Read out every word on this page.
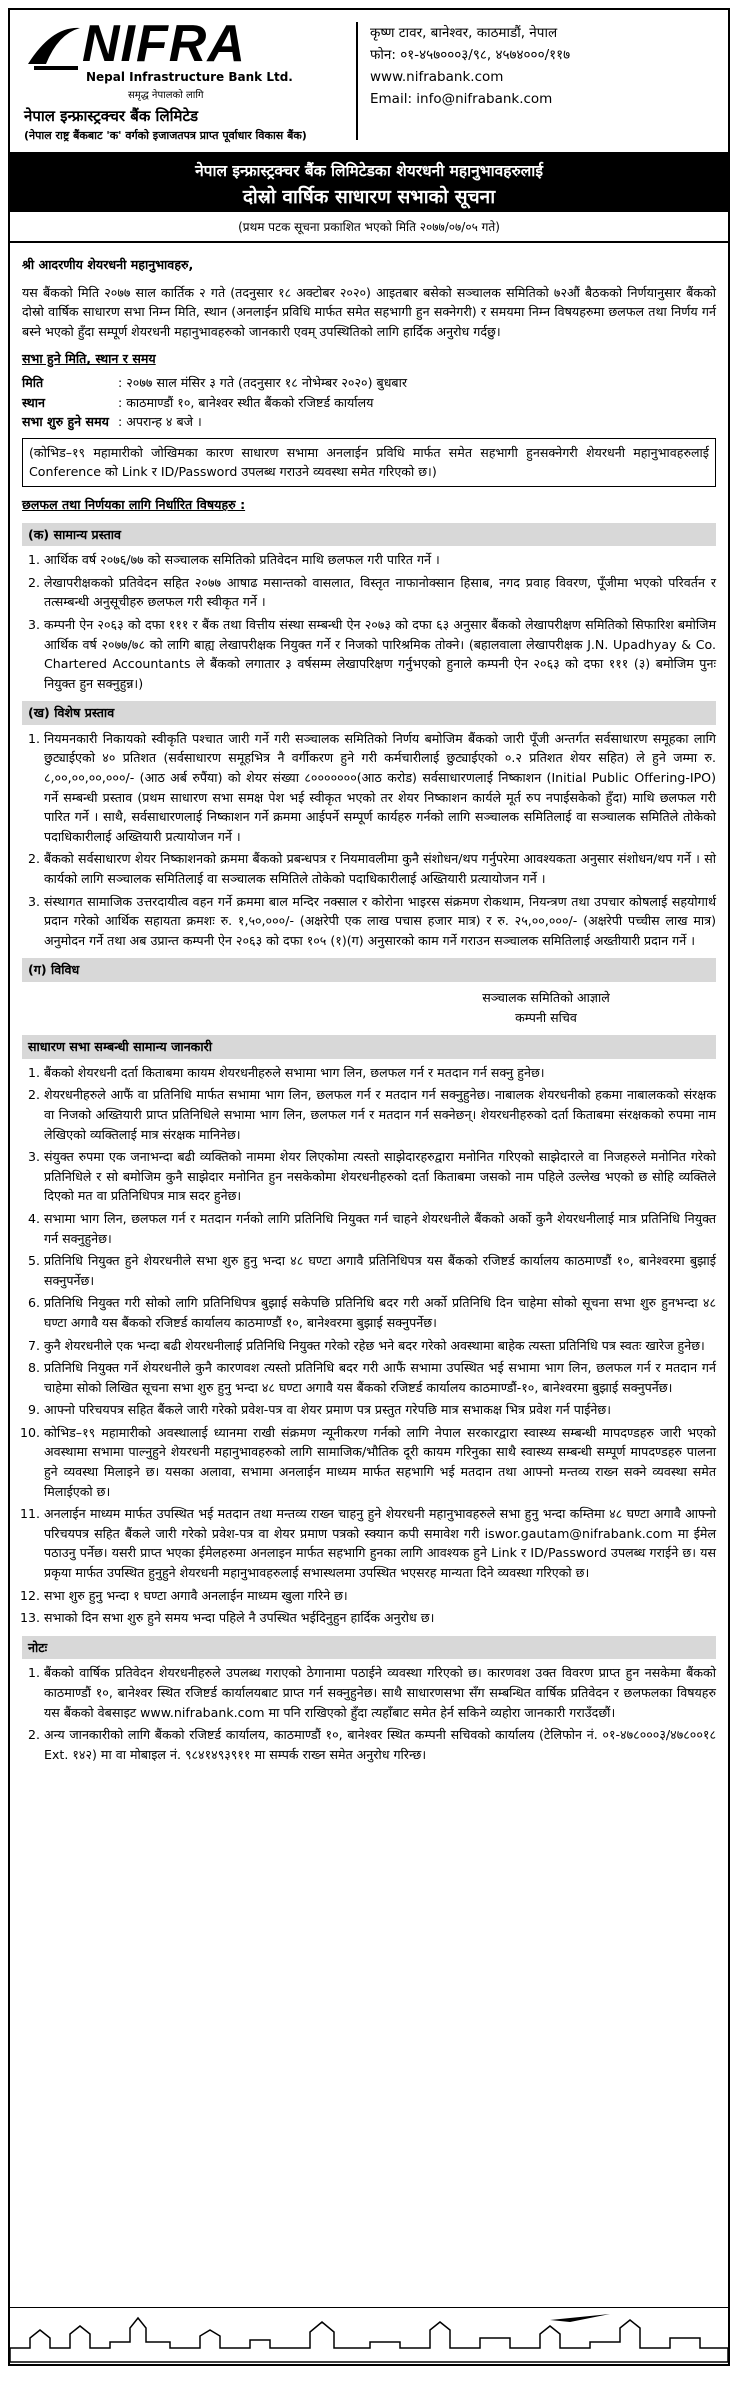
NIFRA
Nepal Infrastructure Bank Ltd.
समृद्ध नेपालको लागि
नेपाल इन्फ्रास्ट्रक्चर बैंक लिमिटेड
(नेपाल राष्ट्र बैंकबाट 'क' वर्गको इजाजतपत्र प्राप्त पूर्वाधार विकास बैंक)
कृष्ण टावर, बानेश्वर, काठमाडौं, नेपाल
फोन: ०१-४५७०००३/९८, ४५७४०००/११७
www.nifrabank.com
Email: info@nifrabank.com
नेपाल इन्फ्रास्ट्रक्चर बैंक लिमिटेडका शेयरधनी महानुभावहरुलाई
दोस्रो वार्षिक साधारण सभाको सूचना
(प्रथम पटक सूचना प्रकाशित भएको मिति २०७७/०७/०५ गते)
श्री आदरणीय शेयरधनी महानुभावहरु,

यस बैंकको मिति २०७७ साल कार्तिक २ गते (तदनुसार १८ अक्टोबर २०२०) आइतबार बसेको सञ्चालक समितिको ७२औं बैठकको निर्णयानुसार बैंकको दोस्रो वार्षिक साधारण सभा निम्न मिति, स्थान (अनलाईन प्रविधि मार्फत समेत सहभागी हुन सक्नेगरी) र समयमा निम्न विषयहरुमा छलफल तथा निर्णय गर्न बस्ने भएको हुँदा सम्पूर्ण शेयरधनी महानुभावहरुको जानकारी एवम् उपस्थितिको लागि हार्दिक अनुरोध गर्दछु।

सभा हुने मिति, स्थान र समय
मिति	: २०७७ साल मंसिर ३ गते (तदनुसार १८ नोभेम्बर २०२०) बुधबार
स्थान	: काठमाण्डौं १०, बानेश्वर स्थीत बैंकको रजिष्टर्ड कार्यालय
सभा शुरु हुने समय : अपरान्ह ४ बजे ।
(कोभिड–१९ महामारीको जोखिमका कारण साधारण सभामा अनलाईन प्रविधि मार्फत समेत सहभागी हुनसक्नेगरी शेयरधनी महानुभावहरुलाई Conference को Link र ID/Password उपलब्ध गराउने व्यवस्था समेत गरिएको छ।)
छलफल तथा निर्णयका लागि निर्धारित विषयहरु :
(क) सामान्य प्रस्ताव
1. आर्थिक वर्ष २०७६/७७ को सञ्चालक समितिको प्रतिवेदन माथि छलफल गरी पारित गर्ने ।
2. लेखापरीक्षकको प्रतिवेदन सहित २०७७ आषाढ मसान्तको वासलात, विस्तृत नाफानोक्सान हिसाब, नगद प्रवाह विवरण, पूँजीमा भएको परिवर्तन र तत्सम्बन्धी अनुसूचीहरु छलफल गरी स्वीकृत गर्ने ।
3. कम्पनी ऐन २०६३ को दफा १११ र बैंक तथा वित्तीय संस्था सम्बन्धी ऐन २०७३ को दफा ६३ अनुसार बैंकको लेखापरीक्षण समितिको सिफारिश बमोजिम आर्थिक वर्ष २०७७/७८ को लागि बाह्य लेखापरीक्षक नियुक्त गर्ने र निजको पारिश्रमिक तोक्ने। (बहालवाला लेखापरीक्षक J.N. Upadhyay & Co. Chartered Accountants ले बैंकको लगातार ३ वर्षसम्म लेखापरिक्षण गर्नुभएको हुनाले कम्पनी ऐन २०६३ को दफा १११ (३) बमोजिम पुनः नियुक्त हुन सक्नुहुन्न।)
(ख) विशेष प्रस्ताव
1. नियमनकारी निकायको स्वीकृति पश्चात जारी गर्ने गरी सञ्चालक समितिको निर्णय बमोजिम बैंकको जारी पूँजी अन्तर्गत सर्वसाधारण समूहका लागि छुट्याईएको ४० प्रतिशत (सर्वसाधारण समूहभित्र नै वर्गीकरण हुने गरी कर्मचारीलाई छुट्याईएको ०.२ प्रतिशत शेयर सहित) ले हुने जम्मा रु. ८,००,००,००,०००/- (आठ अर्ब रुपैंया) को शेयर संख्या ८०००००००(आठ करोड) सर्वसाधारणलाई निष्काशन (Initial Public Offering-IPO) गर्ने सम्बन्धी प्रस्ताव (प्रथम साधारण सभा समक्ष पेश भई स्वीकृत भएको तर शेयर निष्काशन कार्यले मूर्त रुप नपाईसकेको हुँदा) माथि छलफल गरी पारित गर्ने । साथै, सर्वसाधारणलाई निष्काशन गर्ने क्रममा आईपर्ने सम्पूर्ण कार्यहरु गर्नको लागि सञ्चालक समितिलाई वा सञ्चालक समितिले तोकेको पदाधिकारीलाई अख्तियारी प्रत्यायोजन गर्ने ।
2. बैंकको सर्वसाधारण शेयर निष्काशनको क्रममा बैंकको प्रबन्धपत्र र नियमावलीमा कुनै संशोधन/थप गर्नुपरेमा आवश्यकता अनुसार संशोधन/थप गर्ने । सो कार्यको लागि सञ्चालक समितिलाई वा सञ्चालक समितिले तोकेको पदाधिकारीलाई अख्तियारी प्रत्यायोजन गर्ने ।
3. संस्थागत सामाजिक उत्तरदायीत्व वहन गर्ने क्रममा बाल मन्दिर नक्साल र कोरोना भाइरस संक्रमण रोकथाम, नियन्त्रण तथा उपचार कोषलाई सहयोगार्थ प्रदान गरेको आर्थिक सहायता क्रमशः रु. १,५०,०००/- (अक्षरेपी एक लाख पचास हजार मात्र) र रु. २५,००,०००/- (अक्षरेपी पच्चीस लाख मात्र) अनुमोदन गर्ने तथा अब उप्रान्त कम्पनी ऐन २०६३ को दफा १०५ (१)(ग) अनुसारको काम गर्ने गराउन सञ्चालक समितिलाई अख्तीयारी प्रदान गर्ने ।
(ग) विविध
सञ्चालक समितिको आज्ञाले
कम्पनी सचिव
साधारण सभा सम्बन्धी सामान्य जानकारी
1. बैंकको शेयरधनी दर्ता किताबमा कायम शेयरधनीहरुले सभामा भाग लिन, छलफल गर्न र मतदान गर्न सक्नु हुनेछ।
2. शेयरधनीहरुले आफैं वा प्रतिनिधि मार्फत सभामा भाग लिन, छलफल गर्न र मतदान गर्न सक्नुहुनेछ। नाबालक शेयरधनीको हकमा नाबालकको संरक्षक वा निजको अख्तियारी प्राप्त प्रतिनिधिले सभामा भाग लिन, छलफल गर्न र मतदान गर्न सक्नेछन्। शेयरधनीहरुको दर्ता किताबमा संरक्षकको रुपमा नाम लेखिएको व्यक्तिलाई मात्र संरक्षक मानिनेछ।
3. संयुक्त रुपमा एक जनाभन्दा बढी व्यक्तिको नाममा शेयर लिएकोमा त्यस्तो साझेदारहरुद्वारा मनोनित गरिएको साझेदारले वा निजहरुले मनोनित गरेको प्रतिनिधिले र सो बमोजिम कुनै साझेदार मनोनित हुन नसकेकोमा शेयरधनीहरुको दर्ता किताबमा जसको नाम पहिले उल्लेख भएको छ सोहि व्यक्तिले दिएको मत वा प्रतिनिधिपत्र मात्र सदर हुनेछ।
4. सभामा भाग लिन, छलफल गर्न र मतदान गर्नको लागि प्रतिनिधि नियुक्त गर्न चाहने शेयरधनीले बैंकको अर्को कुनै शेयरधनीलाई मात्र प्रतिनिधि नियुक्त गर्न सक्नुहुनेछ।
5. प्रतिनिधि नियुक्त हुने शेयरधनीले सभा शुरु हुनु भन्दा ४८ घण्टा अगावै प्रतिनिधिपत्र यस बैंकको रजिष्टर्ड कार्यालय काठमाण्डौं १०, बानेश्वरमा बुझाई सक्नुपर्नेछ।
6. प्रतिनिधि नियुक्त गरी सोको लागि प्रतिनिधिपत्र बुझाई सकेपछि प्रतिनिधि बदर गरी अर्को प्रतिनिधि दिन चाहेमा सोको सूचना सभा शुरु हुनभन्दा ४८ घण्टा अगावै यस बैंकको रजिष्टर्ड कार्यालय काठमाण्डौं १०, बानेश्वरमा बुझाई सक्नुपर्नेछ।
7. कुनै शेयरधनीले एक भन्दा बढी शेयरधनीलाई प्रतिनिधि नियुक्त गरेको रहेछ भने बदर गरेको अवस्थामा बाहेक त्यस्ता प्रतिनिधि पत्र स्वतः खारेज हुनेछ।
8. प्रतिनिधि नियुक्त गर्ने शेयरधनीले कुनै कारणवश त्यस्तो प्रतिनिधि बदर गरी आफैं सभामा उपस्थित भई सभामा भाग लिन, छलफल गर्न र मतदान गर्न चाहेमा सोको लिखित सूचना सभा शुरु हुनु भन्दा ४८ घण्टा अगावै यस बैंकको रजिष्टर्ड कार्यालय काठमाण्डौं-१०, बानेश्वरमा बुझाई सक्नुपर्नेछ।
9. आफ्नो परिचयपत्र सहित बैंकले जारी गरेको प्रवेश-पत्र वा शेयर प्रमाण पत्र प्रस्तुत गरेपछि मात्र सभाकक्ष भित्र प्रवेश गर्न पाईनेछ।
10. कोभिड–१९ महामारीको अवस्थालाई ध्यानमा राखी संक्रमण न्यूनीकरण गर्नको लागि नेपाल सरकारद्वारा स्वास्थ्य सम्बन्धी मापदण्डहरु जारी भएको अवस्थामा सभामा पाल्नुहुने शेयरधनी महानुभावहरुको लागि सामाजिक/भौतिक दूरी कायम गरिनुका साथै स्वास्थ्य सम्बन्धी सम्पूर्ण मापदण्डहरु पालना हुने व्यवस्था मिलाइने छ। यसका अलावा, सभामा अनलाईन माध्यम मार्फत सहभागि भई मतदान तथा आफ्नो मन्तव्य राख्न सक्ने व्यवस्था समेत मिलाईएको छ।
11. अनलाईन माध्यम मार्फत उपस्थित भई मतदान तथा मन्तव्य राख्न चाहनु हुने शेयरधनी महानुभावहरुले सभा हुनु भन्दा कम्तिमा ४८ घण्टा अगावै आफ्नो परिचयपत्र सहित बैंकले जारी गरेको प्रवेश-पत्र वा शेयर प्रमाण पत्रको स्क्यान कपी समावेश गरी iswor.gautam@nifrabank.com मा ईमेल पठाउनु पर्नेछ। यसरी प्राप्त भएका ईमेलहरुमा अनलाइन मार्फत सहभागि हुनका लागि आवश्यक हुने Link र ID/Password उपलब्ध गराईने छ। यस प्रकृया मार्फत उपस्थित हुनुहुने शेयरधनी महानुभावहरुलाई सभास्थलमा उपस्थित भएसरह मान्यता दिने व्यवस्था गरिएको छ।
12. सभा शुरु हुनु भन्दा १ घण्टा अगावै अनलाईन माध्यम खुला गरिने छ।
13. सभाको दिन सभा शुरु हुने समय भन्दा पहिले नै उपस्थित भईदिनुहुन हार्दिक अनुरोध छ।
नोटः
1. बैंकको वार्षिक प्रतिवेदन शेयरधनीहरुले उपलब्ध गराएको ठेगानामा पठाईने व्यवस्था गरिएको छ। कारणवश उक्त विवरण प्राप्त हुन नसकेमा बैंकको काठमाण्डौं १०, बानेश्वर स्थित रजिष्टर्ड कार्यालयबाट प्राप्त गर्न सक्नुहुनेछ। साथै साधारणसभा सँग सम्बन्धित वार्षिक प्रतिवेदन र छलफलका विषयहरु यस बैंकको वेबसाइट www.nifrabank.com मा पनि राखिएको हुँदा त्यहाँबाट समेत हेर्न सकिने व्यहोरा जानकारी गराउँदछौं।
2. अन्य जानकारीको लागि बैंकको रजिष्टर्ड कार्यालय, काठमाण्डौं १०, बानेश्वर स्थित कम्पनी सचिवको कार्यालय (टेलिफोन नं. ०१-४७८०००३/४७८००१८ Ext. १४२) मा वा मोबाइल नं. ९८४१४९३९११ मा सम्पर्क राख्न समेत अनुरोध गरिन्छ।
